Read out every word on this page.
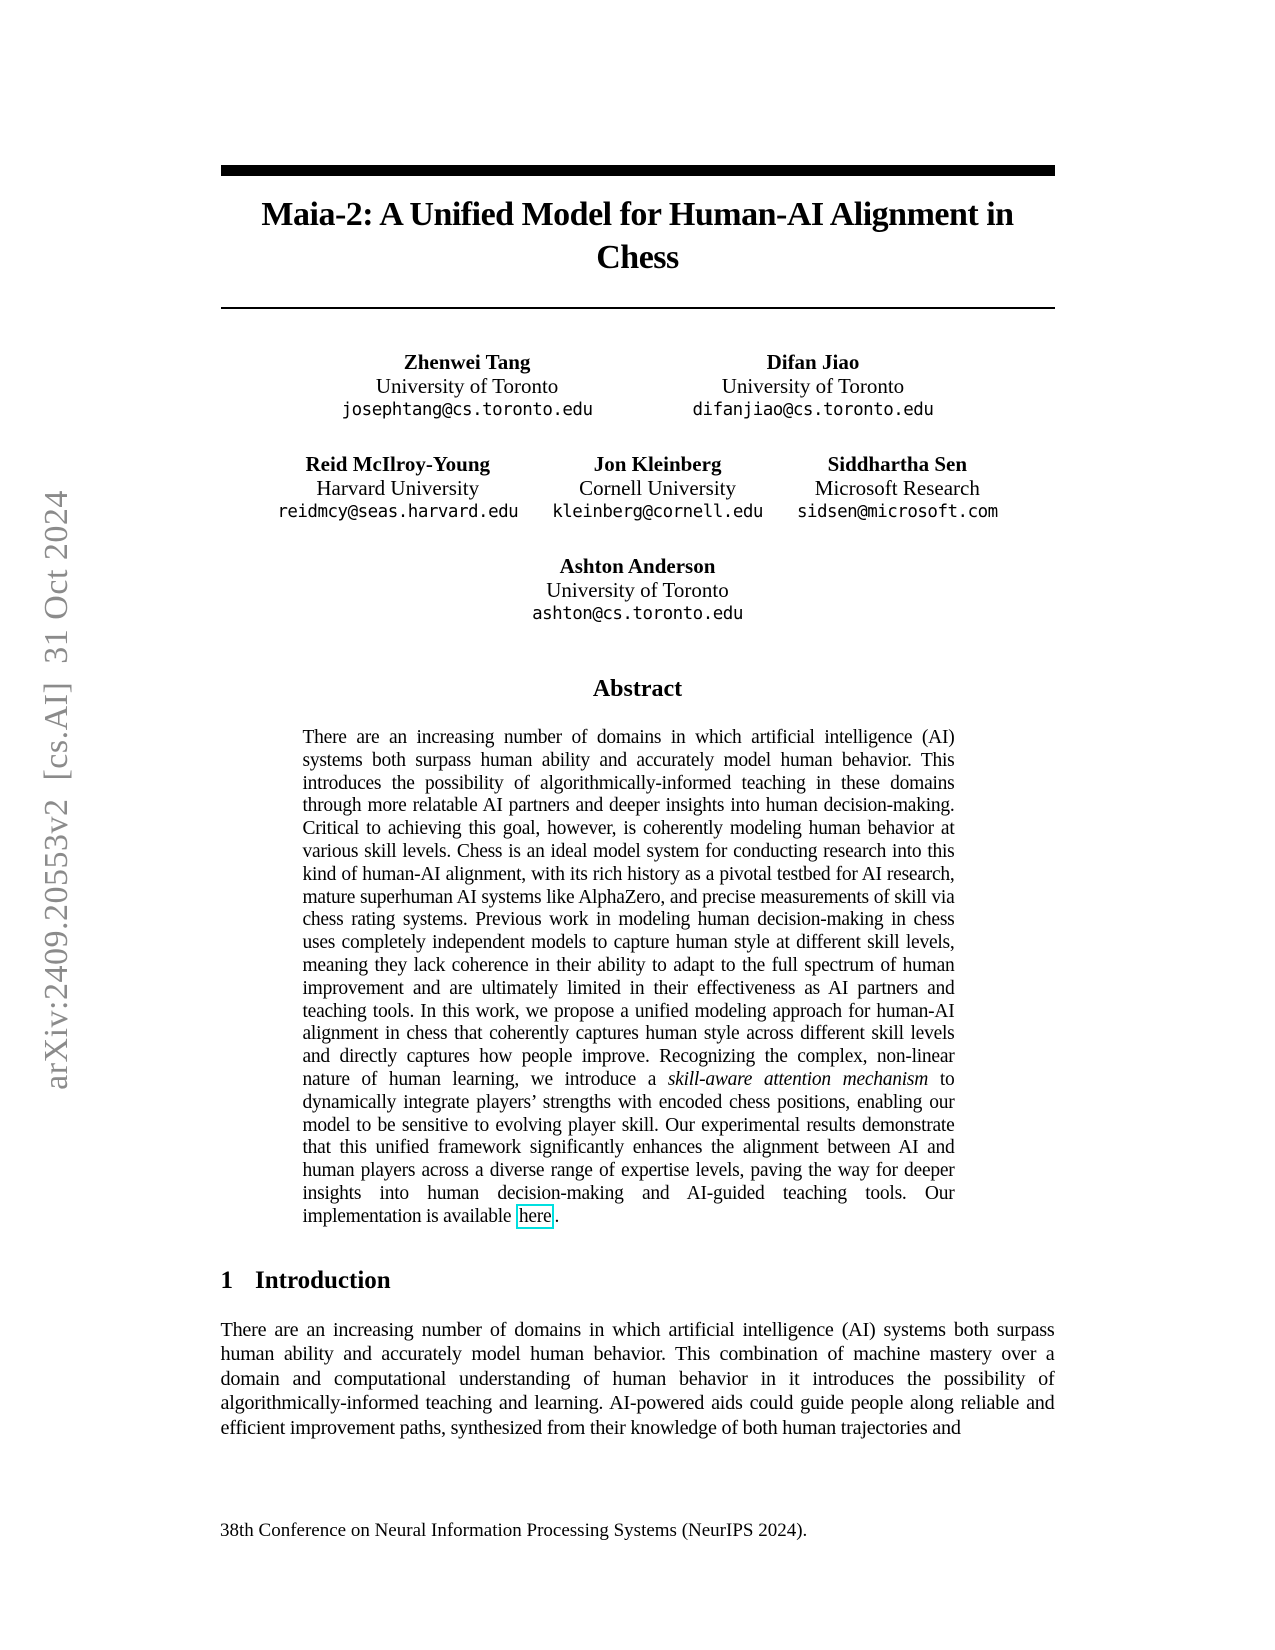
arXiv:2409.20553v2  [cs.AI]  31 Oct 2024
Maia-2: A Unified Model for Human-AI Alignment in
Chess
Zhenwei Tang
University of Toronto
josephtang@cs.toronto.edu
Difan Jiao
University of Toronto
difanjiao@cs.toronto.edu
Reid McIlroy-Young
Harvard University
reidmcy@seas.harvard.edu
Jon Kleinberg
Cornell University
kleinberg@cornell.edu
Siddhartha Sen
Microsoft Research
sidsen@microsoft.com
Ashton Anderson
University of Toronto
ashton@cs.toronto.edu
Abstract

There are an increasing number of domains in which artificial intelligence (AI) systems both surpass human ability and accurately model human behavior. This introduces the possibility of algorithmically-informed teaching in these domains through more relatable AI partners and deeper insights into human decision-making. Critical to achieving this goal, however, is coherently modeling human behavior at various skill levels. Chess is an ideal model system for conducting research into this kind of human-AI alignment, with its rich history as a pivotal testbed for AI research, mature superhuman AI systems like AlphaZero, and precise measurements of skill via chess rating systems. Previous work in modeling human decision-making in chess uses completely independent models to capture human style at different skill levels, meaning they lack coherence in their ability to adapt to the full spectrum of human improvement and are ultimately limited in their effectiveness as AI partners and teaching tools. In this work, we propose a unified modeling approach for human-AI alignment in chess that coherently captures human style across different skill levels and directly captures how people improve. Recognizing the complex, non-linear nature of human learning, we introduce a skill-aware attention mechanism to dynamically integrate players’ strengths with encoded chess positions, enabling our model to be sensitive to evolving player skill. Our experimental results demonstrate that this unified framework significantly enhances the alignment between AI and human players across a diverse range of expertise levels, paving the way for deeper insights into human decision-making and AI-guided teaching tools. Our implementation is available here .

1 Introduction

There are an increasing number of domains in which artificial intelligence (AI) systems both surpass human ability and accurately model human behavior. This combination of machine mastery over a domain and computational understanding of human behavior in it introduces the possibility of algorithmically-informed teaching and learning. AI-powered aids could guide people along reliable and efficient improvement paths, synthesized from their knowledge of both human trajectories and

38th Conference on Neural Information Processing Systems (NeurIPS 2024).
